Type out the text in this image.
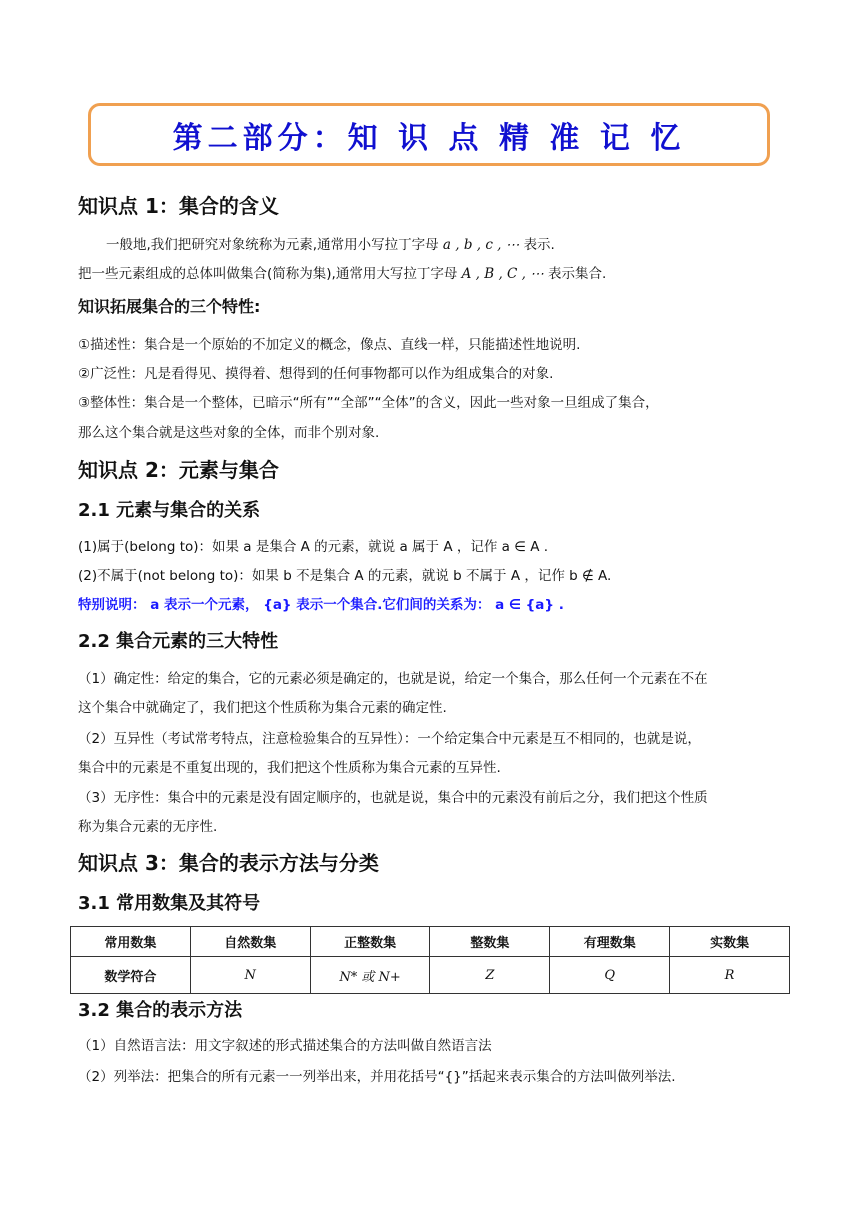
第二部分：知 识 点 精 准 记 忆
知识点 1：集合的含义
一般地,我们把研究对象统称为元素,通常用小写拉丁字母 a , b , c , ⋯ 表示.
把一些元素组成的总体叫做集合(简称为集),通常用大写拉丁字母 A , B , C , ⋯ 表示集合.
知识拓展集合的三个特性:
①描述性：集合是一个原始的不加定义的概念，像点、直线一样，只能描述性地说明.
②广泛性：凡是看得见、摸得着、想得到的任何事物都可以作为组成集合的对象.
③整体性：集合是一个整体，已暗示“所有”“全部”“全体”的含义，因此一些对象一旦组成了集合，
那么这个集合就是这些对象的全体，而非个别对象.
知识点 2：元素与集合
2.1 元素与集合的关系
(1)属于(belong to)：如果 a 是集合 A 的元素，就说 a 属于 A ，记作 a ∈ A .
(2)不属于(not belong to)：如果 b 不是集合 A 的元素，就说 b 不属于 A ，记作 b ∉ A.
特别说明： a 表示一个元素， {a} 表示一个集合.它们间的关系为： a ∈ {a} .
2.2 集合元素的三大特性
（1）确定性：给定的集合，它的元素必须是确定的，也就是说，给定一个集合，那么任何一个元素在不在
这个集合中就确定了，我们把这个性质称为集合元素的确定性.
（2）互异性（考试常考特点，注意检验集合的互异性）：一个给定集合中元素是互不相同的，也就是说，
集合中的元素是不重复出现的，我们把这个性质称为集合元素的互异性.
（3）无序性：集合中的元素是没有固定顺序的，也就是说，集合中的元素没有前后之分，我们把这个性质
称为集合元素的无序性.
知识点 3：集合的表示方法与分类
3.1 常用数集及其符号
常用数集	自然数集	正整数集	整数集	有理数集	实数集
数学符合	N	N* 或 N+	Z	Q	R
3.2 集合的表示方法
（1）自然语言法：用文字叙述的形式描述集合的方法叫做自然语言法
（2）列举法：把集合的所有元素一一列举出来，并用花括号“{}”括起来表示集合的方法叫做列举法.
